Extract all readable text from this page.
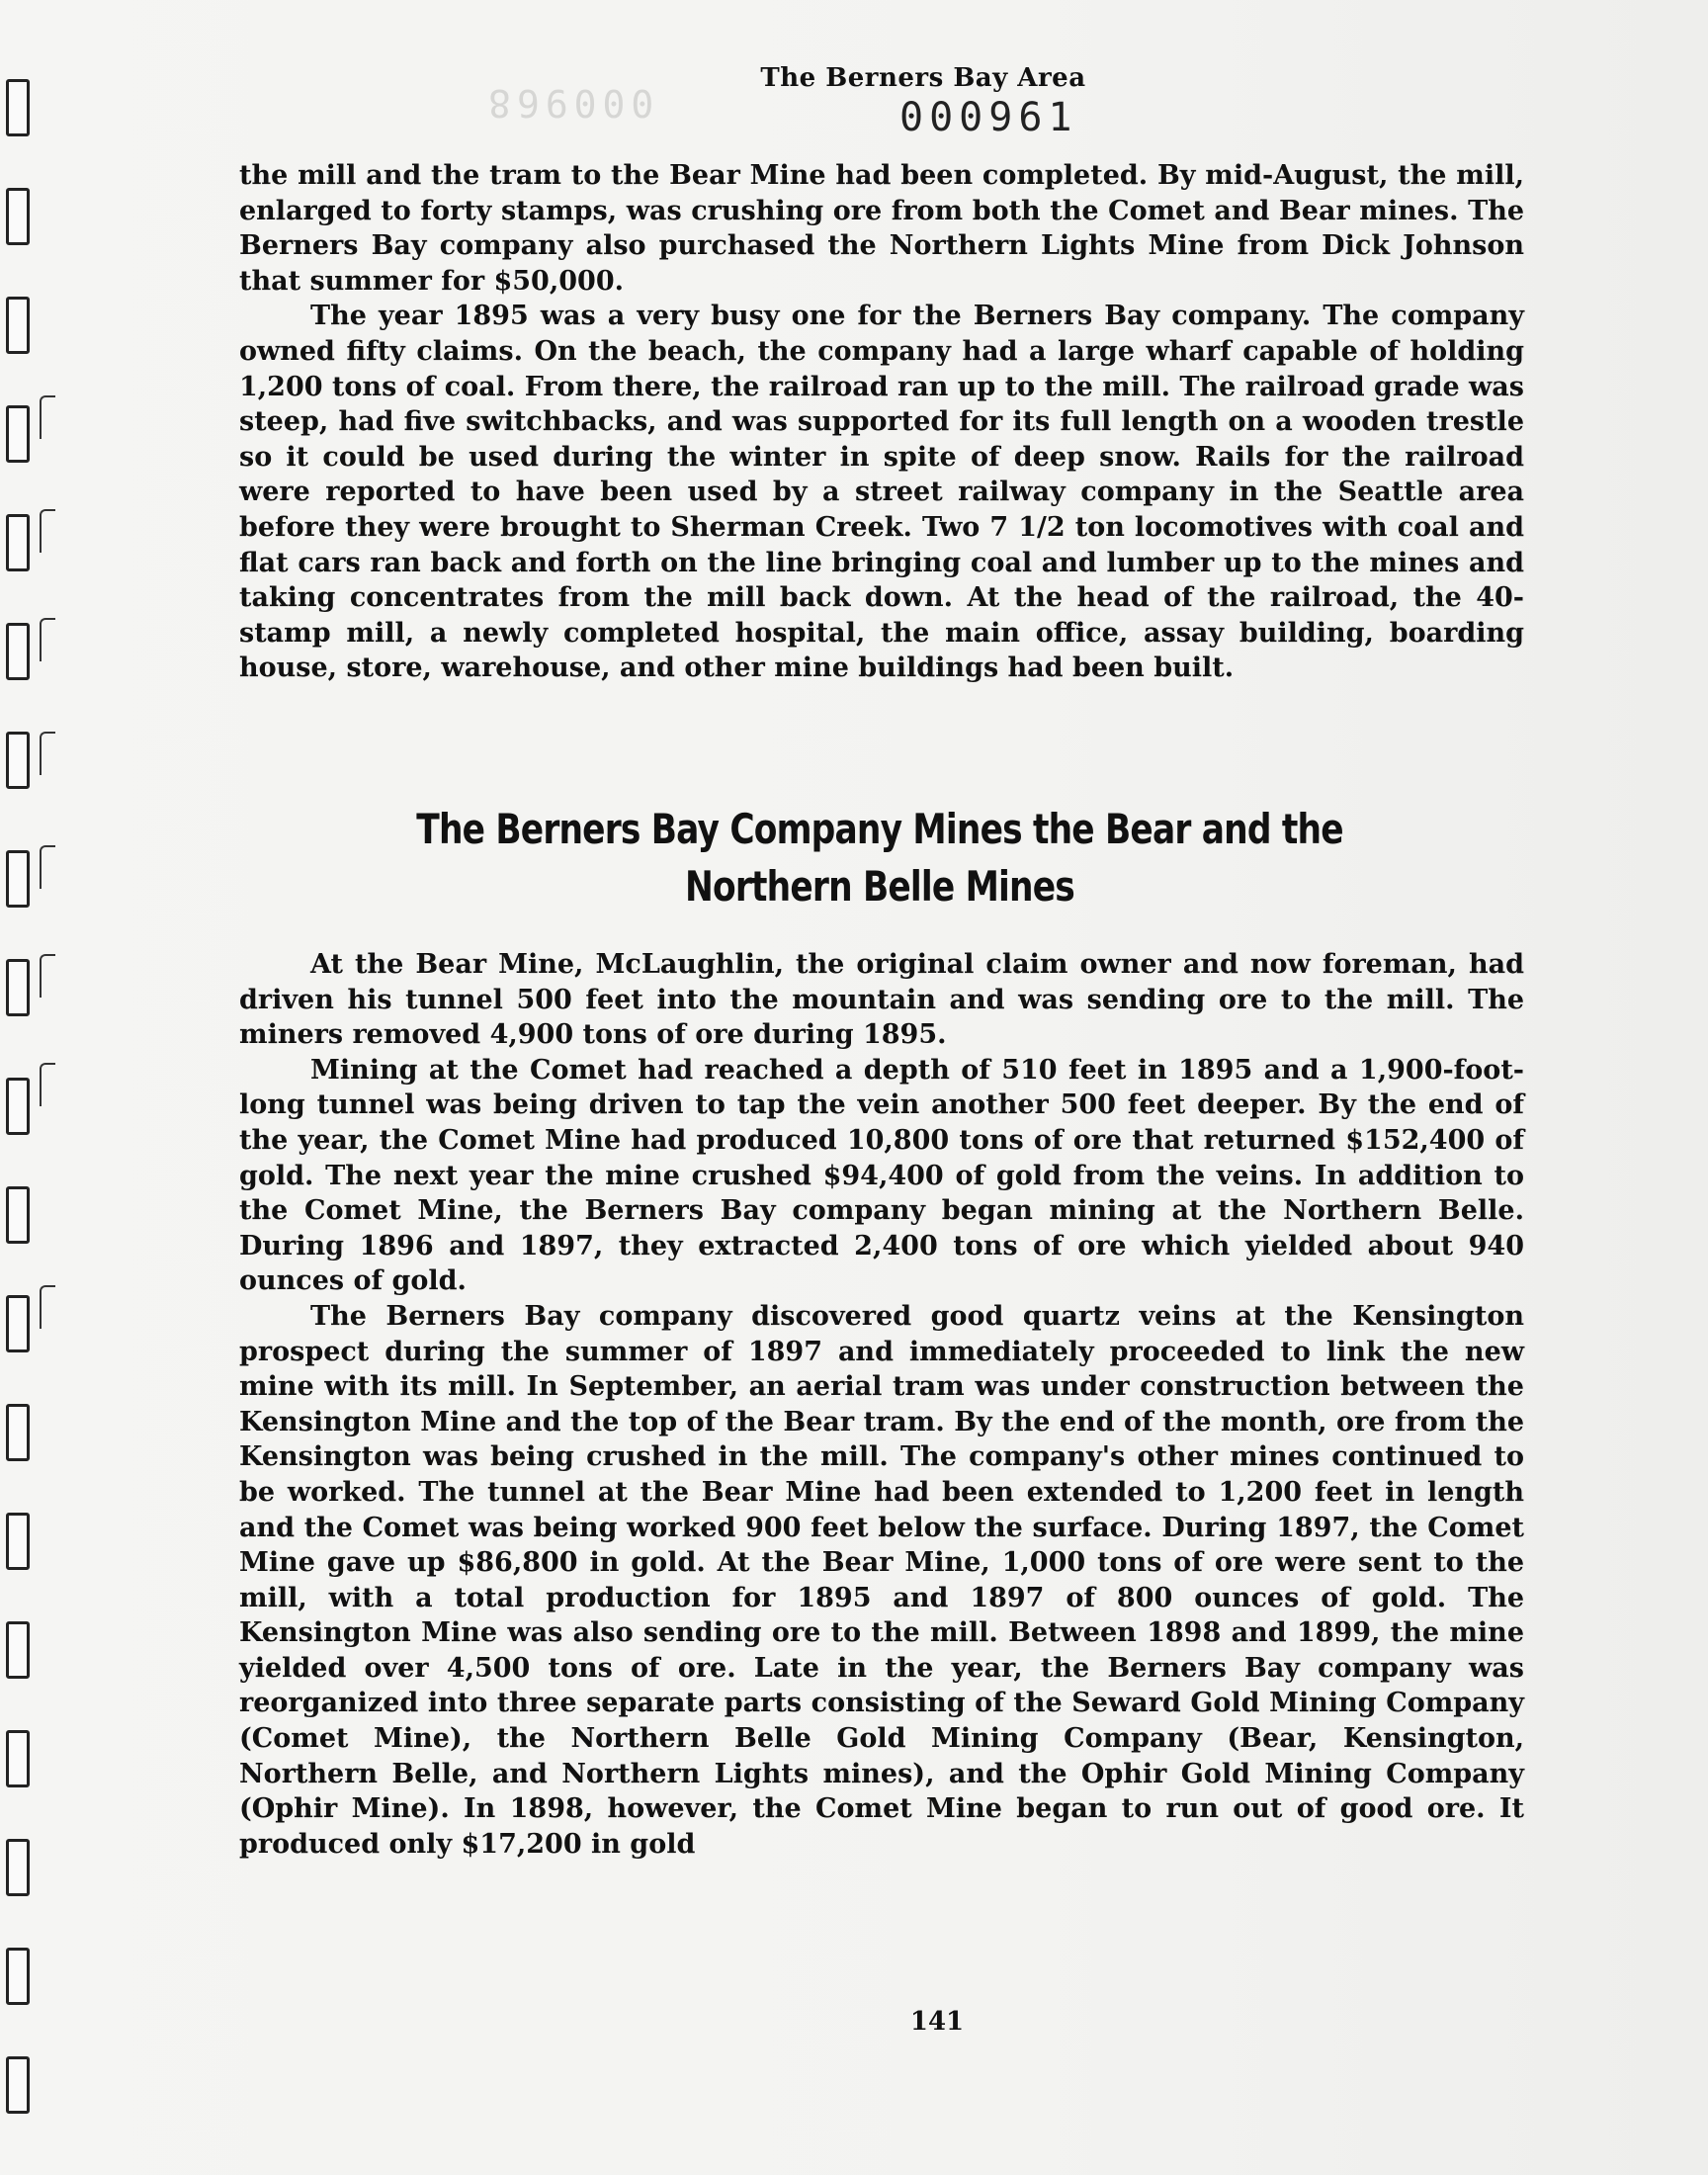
The Berners Bay Area
000968	000961

the mill and the tram to the Bear Mine had been completed. By mid-August, the mill, enlarged to forty stamps, was crushing ore from both the Comet and Bear mines. The Berners Bay company also purchased the Northern Lights Mine from Dick Johnson that summer for $50,000.

The year 1895 was a very busy one for the Berners Bay company. The company owned fifty claims. On the beach, the company had a large wharf capable of holding 1,200 tons of coal. From there, the railroad ran up to the mill. The railroad grade was steep, had five switchbacks, and was supported for its full length on a wooden trestle so it could be used during the winter in spite of deep snow. Rails for the railroad were reported to have been used by a street railway company in the Seattle area before they were brought to Sherman Creek. Two 7 1/2 ton locomotives with coal and flat cars ran back and forth on the line bringing coal and lumber up to the mines and taking concentrates from the mill back down. At the head of the railroad, the 40-stamp mill, a newly completed hospital, the main office, assay building, boarding house, store, warehouse, and other mine buildings had been built.

The Berners Bay Company Mines the Bear and the Northern Belle Mines

At the Bear Mine, McLaughlin, the original claim owner and now foreman, had driven his tunnel 500 feet into the mountain and was sending ore to the mill. The miners removed 4,900 tons of ore during 1895.

Mining at the Comet had reached a depth of 510 feet in 1895 and a 1,900-foot-long tunnel was being driven to tap the vein another 500 feet deeper. By the end of the year, the Comet Mine had produced 10,800 tons of ore that returned $152,400 of gold. The next year the mine crushed $94,400 of gold from the veins. In addition to the Comet Mine, the Berners Bay company began mining at the Northern Belle. During 1896 and 1897, they extracted 2,400 tons of ore which yielded about 940 ounces of gold.

The Berners Bay company discovered good quartz veins at the Kensington prospect during the summer of 1897 and immediately proceeded to link the new mine with its mill. In September, an aerial tram was under construction between the Kensington Mine and the top of the Bear tram. By the end of the month, ore from the Kensington was being crushed in the mill. The company's other mines continued to be worked. The tunnel at the Bear Mine had been extended to 1,200 feet in length and the Comet was being worked 900 feet below the surface. During 1897, the Comet Mine gave up $86,800 in gold. At the Bear Mine, 1,000 tons of ore were sent to the mill, with a total production for 1895 and 1897 of 800 ounces of gold. The Kensington Mine was also sending ore to the mill. Between 1898 and 1899, the mine yielded over 4,500 tons of ore. Late in the year, the Berners Bay company was reorganized into three separate parts consisting of the Seward Gold Mining Company (Comet Mine), the Northern Belle Gold Mining Company (Bear, Kensington, Northern Belle, and Northern Lights mines), and the Ophir Gold Mining Company (Ophir Mine). In 1898, however, the Comet Mine began to run out of good ore. It produced only $17,200 in gold

141
